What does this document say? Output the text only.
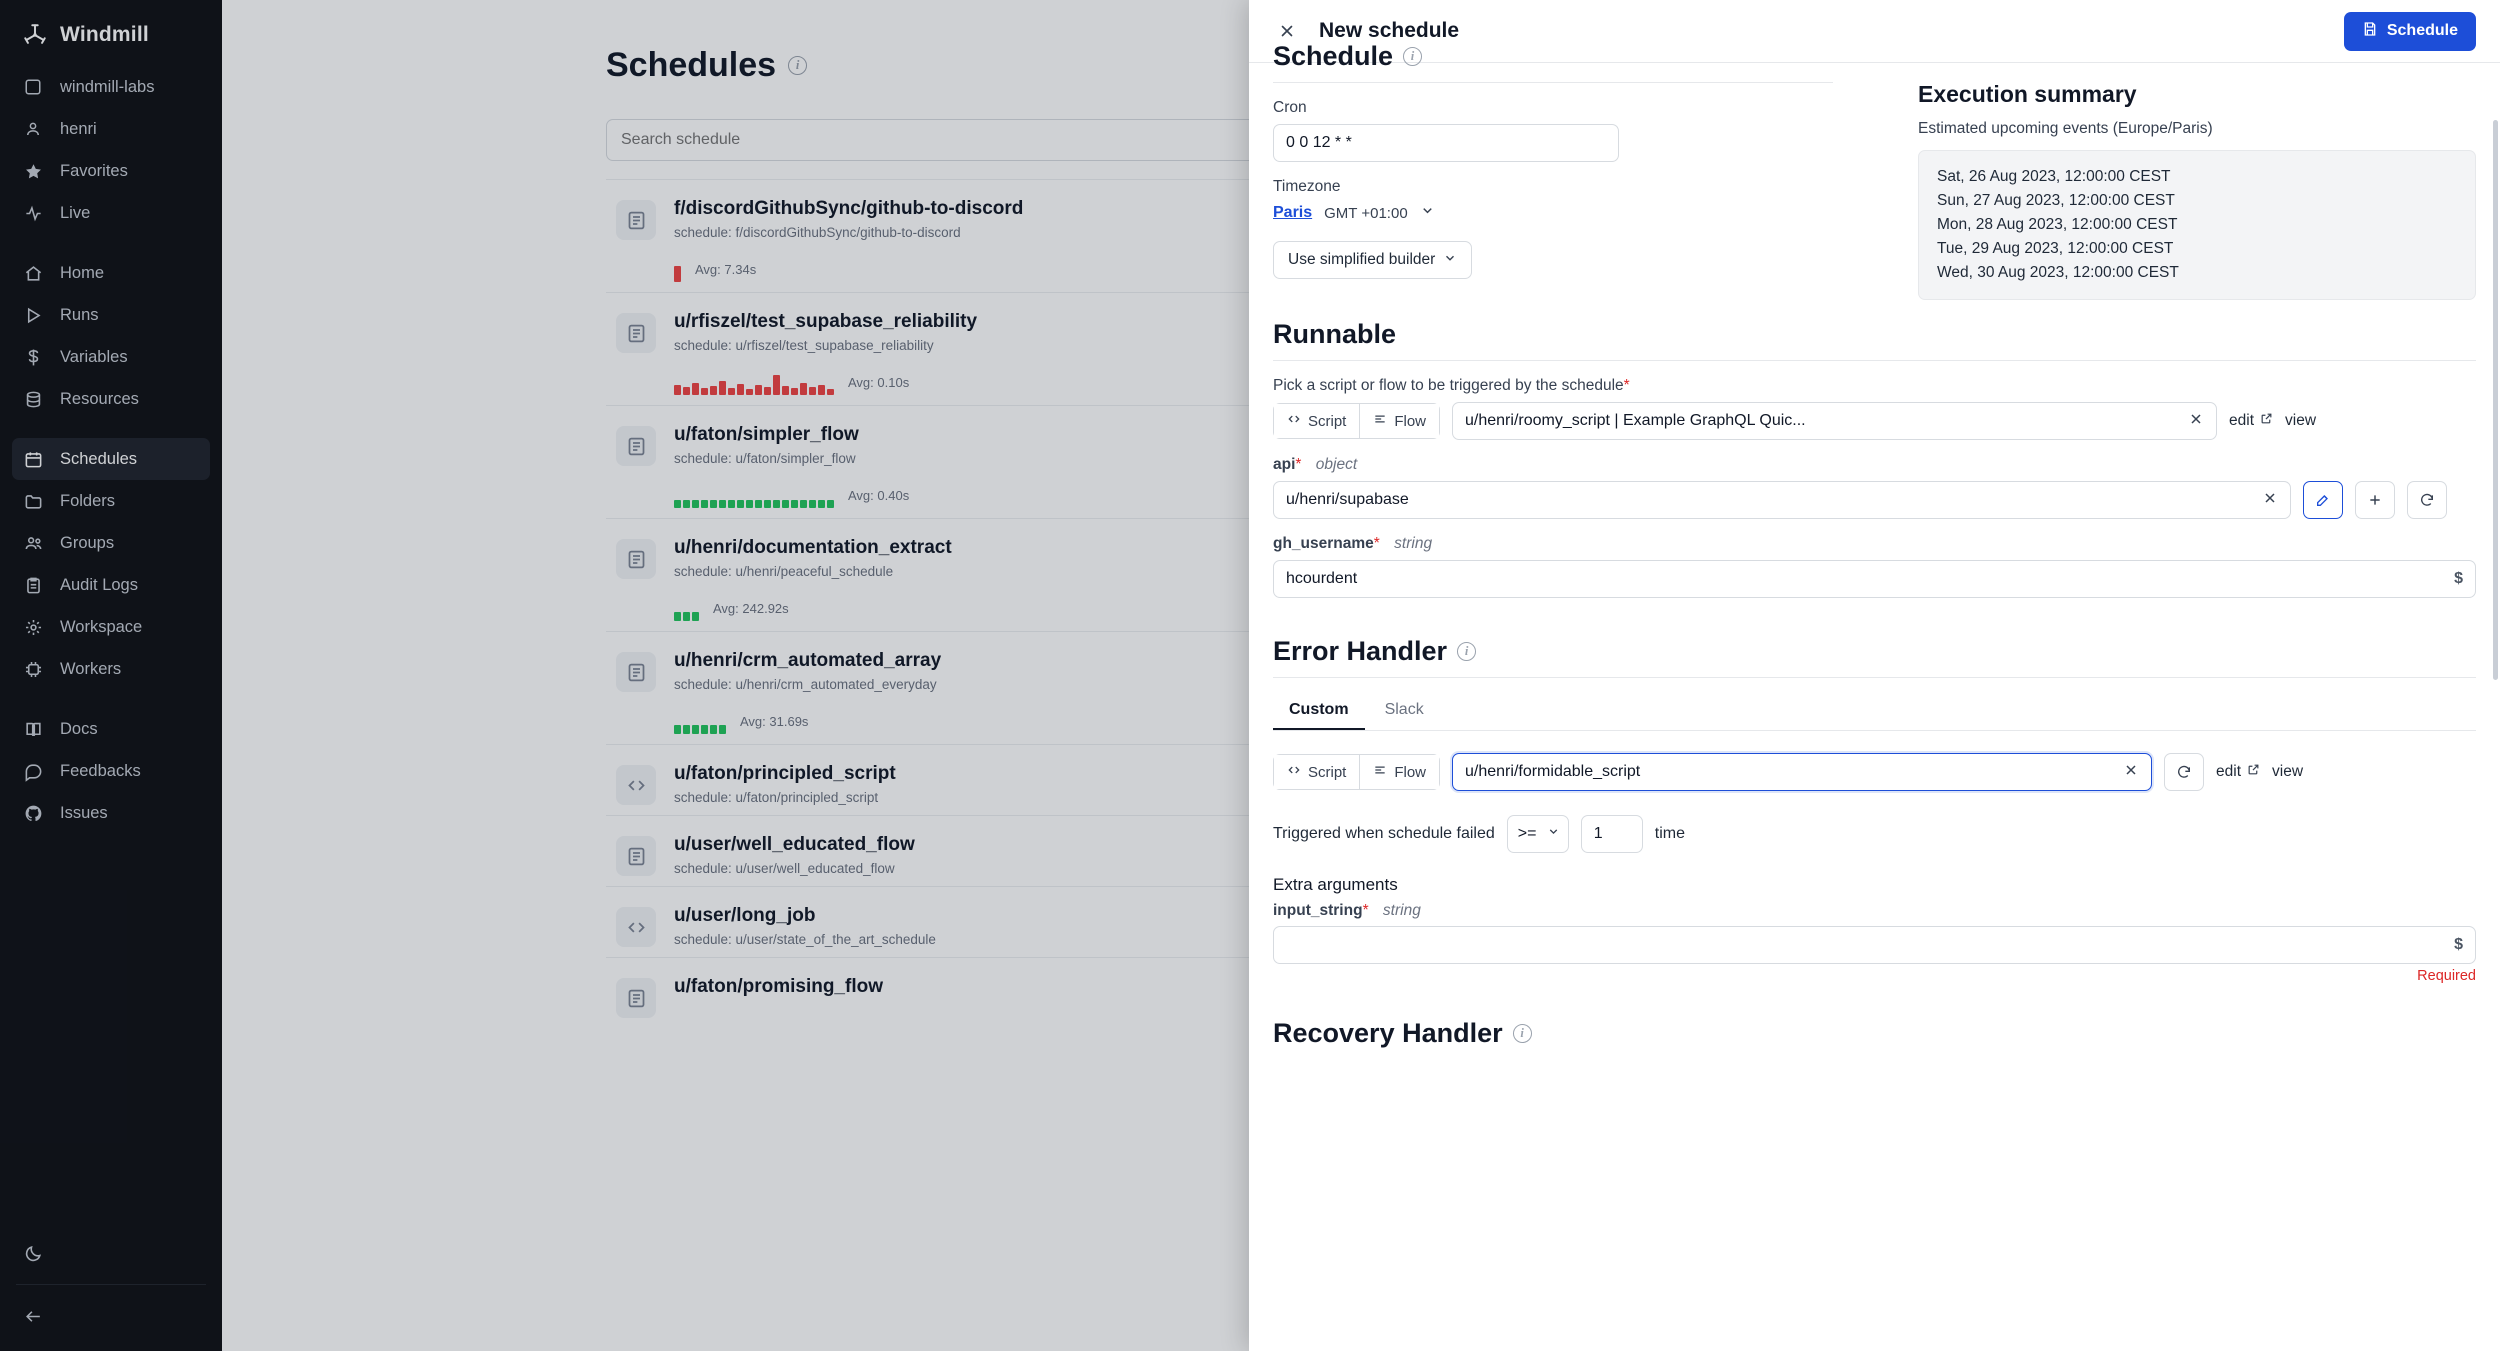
Windmill
windmill-labs
henri
Favorites
Live
Home
Runs
Variables
Resources
Schedules
Folders
Groups
Audit Logs
Workspace
Workers
Docs
Feedbacks
Issues
Schedules	i
Search schedule
f/discordGithubSync/github-to-discord
schedule: f/discordGithubSync/github-to-discord
Avg: 7.34s
u/rfiszel/test_supabase_reliability
schedule: u/rfiszel/test_supabase_reliability
Avg: 0.10s
u/faton/simpler_flow
schedule: u/faton/simpler_flow
Avg: 0.40s
u/henri/documentation_extract
schedule: u/henri/peaceful_schedule
Avg: 242.92s
u/henri/crm_automated_array
schedule: u/henri/crm_automated_everyday
Avg: 31.69s
u/faton/principled_script
schedule: u/faton/principled_script
u/user/well_educated_flow
schedule: u/user/well_educated_flow
u/user/long_job
schedule: u/user/state_of_the_art_schedule
u/faton/promising_flow
New schedule	Schedule
Schedule	i
Cron
0 0 12 * *
Timezone
Paris GMT +01:00
Use simplified builder
Execution summary
Estimated upcoming events (Europe/Paris)
Sat, 26 Aug 2023, 12:00:00 CEST
Sun, 27 Aug 2023, 12:00:00 CEST
Mon, 28 Aug 2023, 12:00:00 CEST
Tue, 29 Aug 2023, 12:00:00 CEST
Wed, 30 Aug 2023, 12:00:00 CEST
Runnable
Pick a script or flow to be triggered by the schedule*
Script	Flow u/henri/roomy_script | Example GraphQL Quic...	edit view
api* object
u/henri/supabase
gh_username* string
hcourdent	$
Error Handler	i
Custom	Slack
Script	Flow u/henri/formidable_script	edit view
Triggered when schedule failed >=	1	time
Extra arguments
input_string* string
$
Required
Recovery Handler	i
